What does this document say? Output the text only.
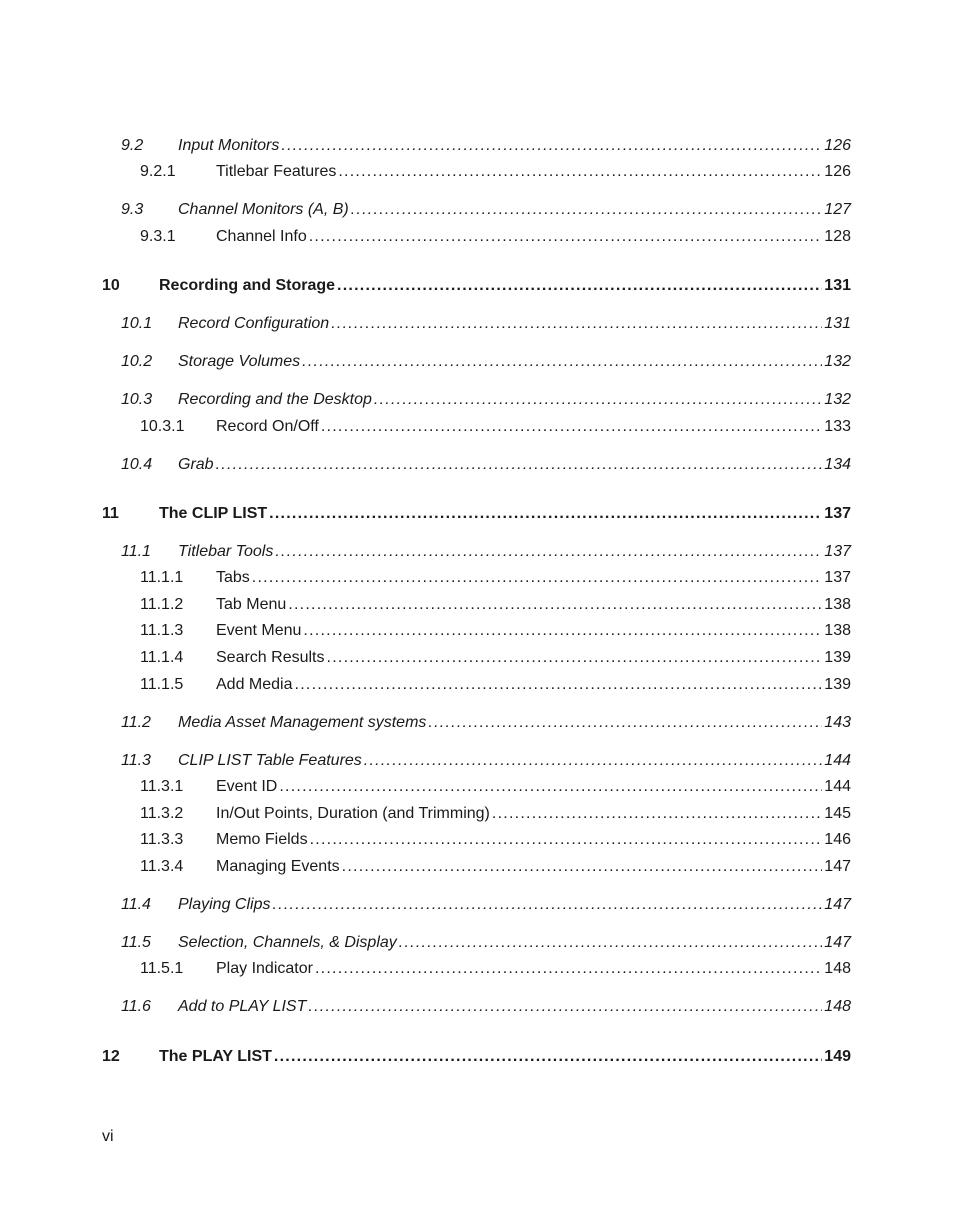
9.2	Input Monitors . . .	126
9.2.1	Titlebar Features . . .	126
9.3	Channel Monitors (A, B) . . .	127
9.3.1	Channel Info . . .	128
10	Recording and Storage . . .	131
10.1	Record Configuration . . .	131
10.2	Storage Volumes . . .	132
10.3	Recording and the Desktop . . .	132
10.3.1	Record On/Off . . .	133
10.4	Grab . . .	134
11	The CLIP LIST . . .	137
11.1	Titlebar Tools . . .	137
11.1.1	Tabs . . .	137
11.1.2	Tab Menu . . .	138
11.1.3	Event Menu . . .	138
11.1.4	Search Results . . .	139
11.1.5	Add Media . . .	139
11.2	Media Asset Management systems . . .	143
11.3	CLIP LIST Table Features . . .	144
11.3.1	Event ID . . .	144
11.3.2	In/Out Points, Duration (and Trimming) . . .	145
11.3.3	Memo Fields . . .	146
11.3.4	Managing Events . . .	147
11.4	Playing Clips . . .	147
11.5	Selection, Channels, & Display . . .	147
11.5.1	Play Indicator . . .	148
11.6	Add to PLAY LIST . . .	148
12	The PLAY LIST . . .	149
vi
